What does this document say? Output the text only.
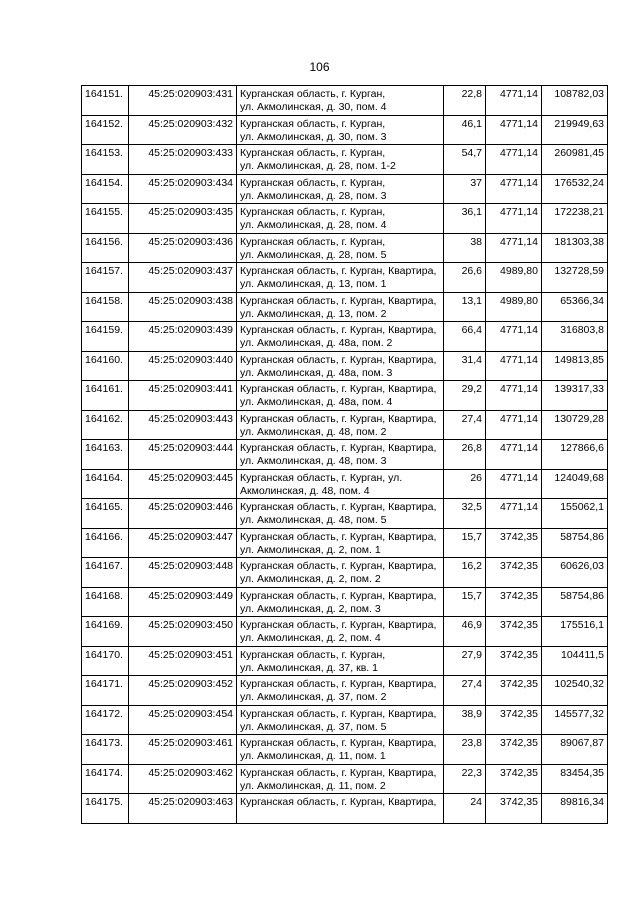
106
164151.	45:25:020903:431	Курганская область, г. Курган,
ул. Акмолинская, д. 30, пом. 4	22,8	4771,14	108782,03
164152.	45:25:020903:432	Курганская область, г. Курган,
ул. Акмолинская, д. 30, пом. 3	46,1	4771,14	219949,63
164153.	45:25:020903:433	Курганская область, г. Курган,
ул. Акмолинская, д. 28, пом. 1-2	54,7	4771,14	260981,45
164154.	45:25:020903:434	Курганская область, г. Курган,
ул. Акмолинская, д. 28, пом. 3	37	4771,14	176532,24
164155.	45:25:020903:435	Курганская область, г. Курган,
ул. Акмолинская, д. 28, пом. 4	36,1	4771,14	172238,21
164156.	45:25:020903:436	Курганская область, г. Курган,
ул. Акмолинская, д. 28, пом. 5	38	4771,14	181303,38
164157.	45:25:020903:437	Курганская область, г. Курган, Квартира,
ул. Акмолинская, д. 13, пом. 1	26,6	4989,80	132728,59
164158.	45:25:020903:438	Курганская область, г. Курган, Квартира,
ул. Акмолинская, д. 13, пом. 2	13,1	4989,80	65366,34
164159.	45:25:020903:439	Курганская область, г. Курган, Квартира,
ул. Акмолинская, д. 48а, пом. 2	66,4	4771,14	316803,8
164160.	45:25:020903:440	Курганская область, г. Курган, Квартира,
ул. Акмолинская, д. 48а, пом. 3	31,4	4771,14	149813,85
164161.	45:25:020903:441	Курганская область, г. Курган, Квартира,
ул. Акмолинская, д. 48а, пом. 4	29,2	4771,14	139317,33
164162.	45:25:020903:443	Курганская область, г. Курган, Квартира,
ул. Акмолинская, д. 48, пом. 2	27,4	4771,14	130729,28
164163.	45:25:020903:444	Курганская область, г. Курган, Квартира,
ул. Акмолинская, д. 48, пом. 3	26,8	4771,14	127866,6
164164.	45:25:020903:445	Курганская область, г. Курган, ул.
Акмолинская, д. 48, пом. 4	26	4771,14	124049,68
164165.	45:25:020903:446	Курганская область, г. Курган, Квартира,
ул. Акмолинская, д. 48, пом. 5	32,5	4771,14	155062,1
164166.	45:25:020903:447	Курганская область, г. Курган, Квартира,
ул. Акмолинская, д. 2, пом. 1	15,7	3742,35	58754,86
164167.	45:25:020903:448	Курганская область, г. Курган, Квартира,
ул. Акмолинская, д. 2, пом. 2	16,2	3742,35	60626,03
164168.	45:25:020903:449	Курганская область, г. Курган, Квартира,
ул. Акмолинская, д. 2, пом. 3	15,7	3742,35	58754,86
164169.	45:25:020903:450	Курганская область, г. Курган, Квартира,
ул. Акмолинская, д. 2, пом. 4	46,9	3742,35	175516,1
164170.	45:25:020903:451	Курганская область, г. Курган,
ул. Акмолинская, д. 37, кв. 1	27,9	3742,35	104411,5
164171.	45:25:020903:452	Курганская область, г. Курган, Квартира,
ул. Акмолинская, д. 37, пом. 2	27,4	3742,35	102540,32
164172.	45:25:020903:454	Курганская область, г. Курган, Квартира,
ул. Акмолинская, д. 37, пом. 5	38,9	3742,35	145577,32
164173.	45:25:020903:461	Курганская область, г. Курган, Квартира,
ул. Акмолинская, д. 11, пом. 1	23,8	3742,35	89067,87
164174.	45:25:020903:462	Курганская область, г. Курган, Квартира,
ул. Акмолинская, д. 11, пом. 2	22,3	3742,35	83454,35
164175.	45:25:020903:463	Курганская область, г. Курган, Квартира,	24	3742,35	89816,34
